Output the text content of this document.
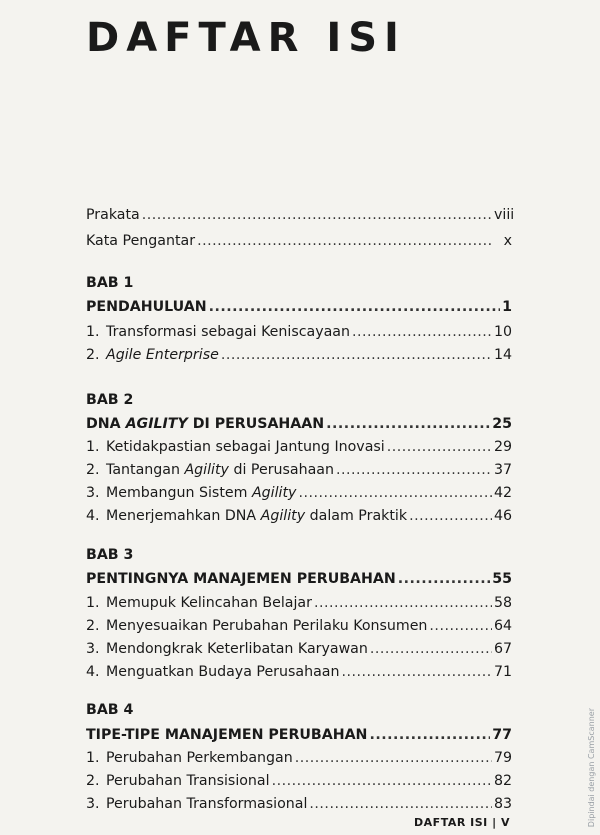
DAFTAR ISI
Prakata .....	viii
Kata Pengantar .....	x
BAB 1
PENDAHULUAN .....	1
1.Transformasi sebagai Keniscayaan .....	10
2.Agile Enterprise .....	14
BAB 2
DNA AGILITY DI PERUSAHAAN .....	25
1.Ketidakpastian sebagai Jantung Inovasi .....	29
2.Tantangan Agility di Perusahaan .....	37
3.Membangun Sistem Agility .....	42
4.Menerjemahkan DNA Agility dalam Praktik .....	46
BAB 3
PENTINGNYA MANAJEMEN PERUBAHAN .....	55
1.Memupuk Kelincahan Belajar .....	58
2.Menyesuaikan Perubahan Perilaku Konsumen .....	64
3.Mendongkrak Keterlibatan Karyawan .....	67
4.Menguatkan Budaya Perusahaan .....	71
BAB 4
TIPE-TIPE MANAJEMEN PERUBAHAN .....	77
1.Perubahan Perkembangan .....	79
2.Perubahan Transisional .....	82
3.Perubahan Transformasional .....	83
DAFTAR ISI | V	Dipindai dengan CamScanner
